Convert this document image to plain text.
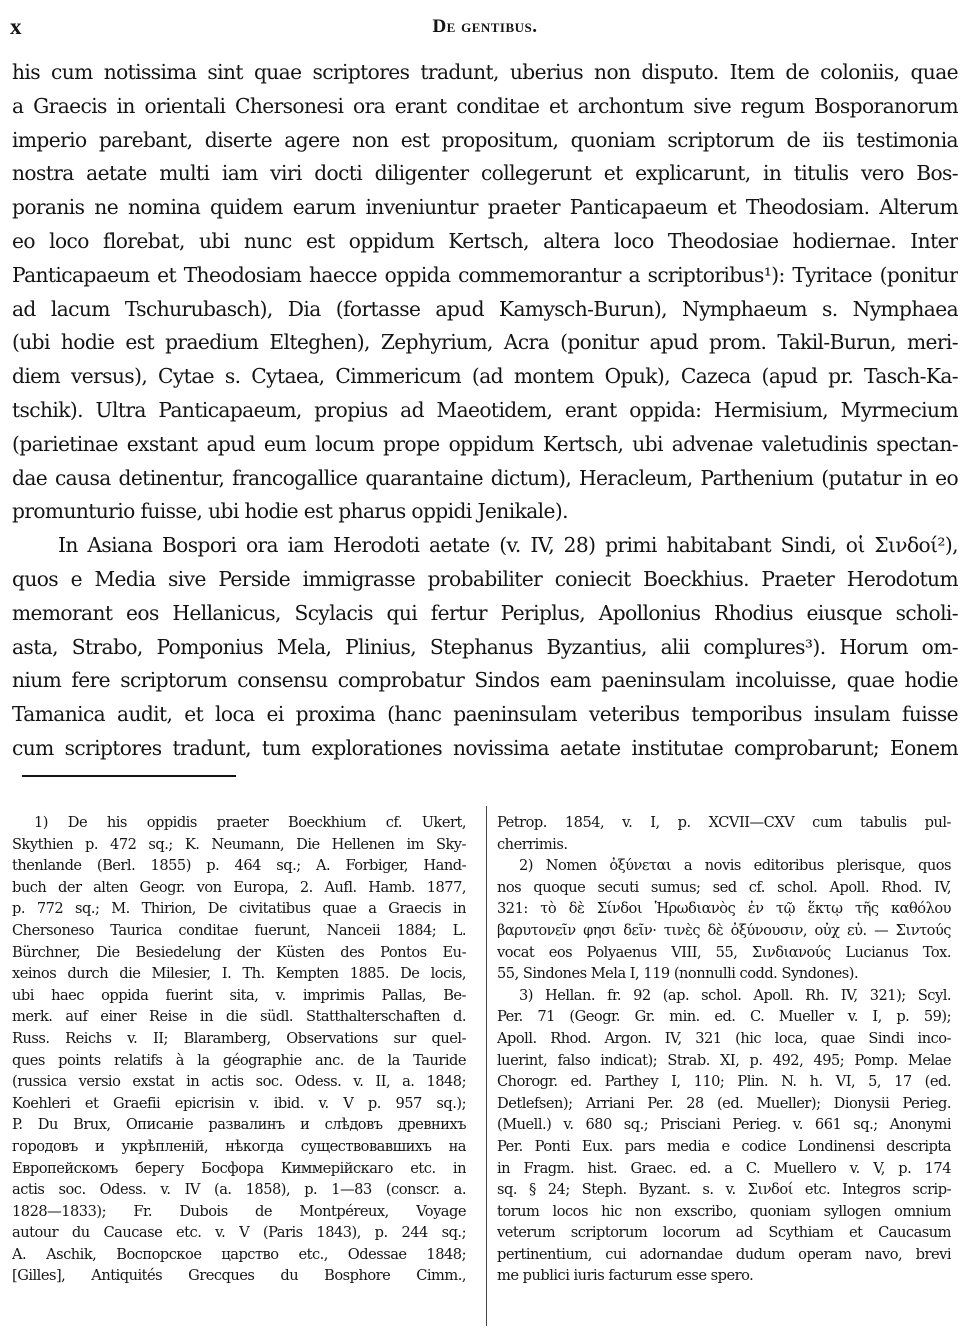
x	De gentibus.
his cum notissima sint quae scriptores tradunt, uberius non disputo. Item de coloniis, quae
a Graecis in orientali Chersonesi ora erant conditae et archontum sive regum Bosporanorum
imperio parebant, diserte agere non est propositum, quoniam scriptorum de iis testimonia
nostra aetate multi iam viri docti diligenter collegerunt et explicarunt, in titulis vero Bos-
poranis ne nomina quidem earum inveniuntur praeter Panticapaeum et Theodosiam. Alterum
eo loco florebat, ubi nunc est oppidum Kertsch, altera loco Theodosiae hodiernae. Inter
Panticapaeum et Theodosiam haecce oppida commemorantur a scriptoribus¹): Tyritace (ponitur
ad lacum Tschurubasch), Dia (fortasse apud Kamysch-Burun), Nymphaeum s. Nymphaea
(ubi hodie est praedium Elteghen), Zephyrium, Acra (ponitur apud prom. Takil-Burun, meri-
diem versus), Cytae s. Cytaea, Cimmericum (ad montem Opuk), Cazeca (apud pr. Tasch-Ka-
tschik). Ultra Panticapaeum, propius ad Maeotidem, erant oppida: Hermisium, Myrmecium
(parietinae exstant apud eum locum prope oppidum Kertsch, ubi advenae valetudinis spectan-
dae causa detinentur, francogallice quarantaine dictum), Heracleum, Parthenium (putatur in eo
promunturio fuisse, ubi hodie est pharus oppidi Jenikale).
In Asiana Bospori ora iam Herodoti aetate (v. IV, 28) primi habitabant Sindi, οἱ Σινδοί²),
quos e Media sive Perside immigrasse probabiliter coniecit Boeckhius. Praeter Herodotum
memorant eos Hellanicus, Scylacis qui fertur Periplus, Apollonius Rhodius eiusque scholi-
asta, Strabo, Pomponius Mela, Plinius, Stephanus Byzantius, alii complures³). Horum om-
nium fere scriptorum consensu comprobatur Sindos eam paeninsulam incoluisse, quae hodie
Tamanica audit, et loca ei proxima (hanc paeninsulam veteribus temporibus insulam fuisse
cum scriptores tradunt, tum explorationes novissima aetate institutae comprobarunt; Eonem
1) De his oppidis praeter Boeckhium cf. Ukert,
Skythien p. 472 sq.; K. Neumann, Die Hellenen im Sky-
thenlande (Berl. 1855) p. 464 sq.; A. Forbiger, Hand-
buch der alten Geogr. von Europa, 2. Aufl. Hamb. 1877,
p. 772 sq.; M. Thirion, De civitatibus quae a Graecis in
Chersoneso Taurica conditae fuerunt, Nanceii 1884; L.
Bürchner, Die Besiedelung der Küsten des Pontos Eu-
xeinos durch die Milesier, I. Th. Kempten 1885. De locis,
ubi haec oppida fuerint sita, v. imprimis Pallas, Be-
merk. auf einer Reise in die südl. Statthalterschaften d.
Russ. Reichs v. II; Blaramberg, Observations sur quel-
ques points relatifs à la géographie anc. de la Tauride
(russica versio exstat in actis soc. Odess. v. II, a. 1848;
Koehleri et Graefii epicrisin v. ibid. v. V p. 957 sq.);
P. Du Brux, Описаніе развалинъ и слѣдовъ древнихъ
городовъ и укрѣпленій, нѣкогда существовавшихъ на
Европейскомъ берегу Босфора Киммерійскаго etc. in
actis soc. Odess. v. IV (a. 1858), p. 1—83 (conscr. a.
1828—1833); Fr. Dubois de Montpéreux, Voyage
autour du Caucase etc. v. V (Paris 1843), p. 244 sq.;
A. Aschik, Воспорское царство etc., Odessae 1848;
[Gilles], Antiquités Grecques du Bosphore Cimm.,
Petrop. 1854, v. I, p. XCVII—CXV cum tabulis pul-
cherrimis.
2) Nomen ὀξύνεται a novis editoribus plerisque, quos
nos quoque secuti sumus; sed cf. schol. Apoll. Rhod. IV,
321: τὸ δὲ Σίνδοι Ἡρωδιανὸς ἐν τῷ ἕκτῳ τῆς καθόλου
βαρυτονεῖν φησι δεῖν· τινὲς δὲ ὀξύνουσιν, οὐχ εὖ. — Σιντούς
vocat eos Polyaenus VIII, 55, Σινδιανούς Lucianus Tox.
55, Sindones Mela I, 119 (nonnulli codd. Syndones).
3) Hellan. fr. 92 (ap. schol. Apoll. Rh. IV, 321); Scyl.
Per. 71 (Geogr. Gr. min. ed. C. Mueller v. I, p. 59);
Apoll. Rhod. Argon. IV, 321 (hic loca, quae Sindi inco-
luerint, falso indicat); Strab. XI, p. 492, 495; Pomp. Melae
Chorogr. ed. Parthey I, 110; Plin. N. h. VI, 5, 17 (ed.
Detlefsen); Arriani Per. 28 (ed. Mueller); Dionysii Perieg.
(Muell.) v. 680 sq.; Prisciani Perieg. v. 661 sq.; Anonymi
Per. Ponti Eux. pars media e codice Londinensi descripta
in Fragm. hist. Graec. ed. a C. Muellero v. V, p. 174
sq. § 24; Steph. Byzant. s. v. Σινδοί etc. Integros scrip-
torum locos hic non exscribo, quoniam syllogen omnium
veterum scriptorum locorum ad Scythiam et Caucasum
pertinentium, cui adornandae dudum operam navo, brevi
me publici iuris facturum esse spero.
